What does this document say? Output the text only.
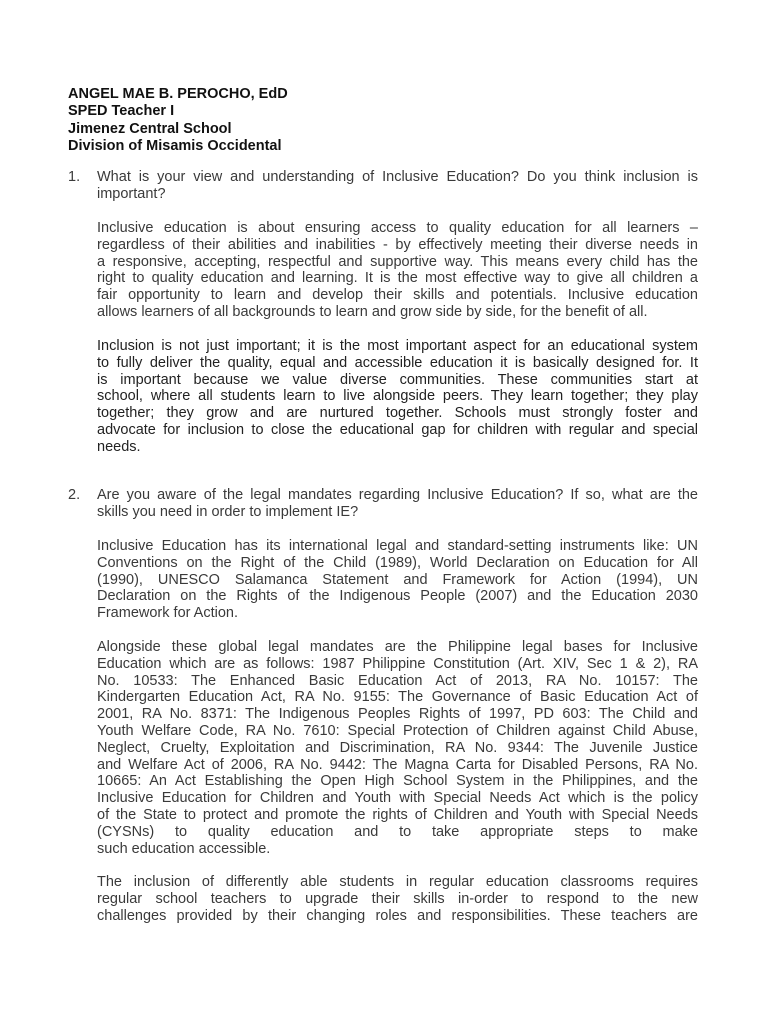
ANGEL MAE B. PEROCHO, EdD
SPED Teacher I
Jimenez Central School
Division of Misamis Occidental
1. What is your view and understanding of Inclusive Education? Do you think inclusion is
important?
Inclusive education is about ensuring access to quality education for all learners –
regardless of their abilities and inabilities - by effectively meeting their diverse needs in
a responsive, accepting, respectful and supportive way. This means every child has the
right to quality education and learning. It is the most effective way to give all children a
fair opportunity to learn and develop their skills and potentials. Inclusive education
allows learners of all backgrounds to learn and grow side by side, for the benefit of all.
Inclusion is not just important; it is the most important aspect for an educational system
to fully deliver the quality, equal and accessible education it is basically designed for. It
is important because we value diverse communities. These communities start at
school, where all students learn to live alongside peers. They learn together; they play
together; they grow and are nurtured together. Schools must strongly foster and
advocate for inclusion to close the educational gap for children with regular and special
needs.
2. Are you aware of the legal mandates regarding Inclusive Education? If so, what are the
skills you need in order to implement IE?
Inclusive Education has its international legal and standard-setting instruments like: UN
Conventions on the Right of the Child (1989), World Declaration on Education for All
(1990), UNESCO Salamanca Statement and Framework for Action (1994), UN
Declaration on the Rights of the Indigenous People (2007) and the Education 2030
Framework for Action.
Alongside these global legal mandates are the Philippine legal bases for Inclusive
Education which are as follows: 1987 Philippine Constitution (Art. XIV, Sec 1 & 2), RA
No. 10533: The Enhanced Basic Education Act of 2013, RA No. 10157: The
Kindergarten Education Act, RA No. 9155: The Governance of Basic Education Act of
2001, RA No. 8371: The Indigenous Peoples Rights of 1997, PD 603: The Child and
Youth Welfare Code, RA No. 7610: Special Protection of Children against Child Abuse,
Neglect, Cruelty, Exploitation and Discrimination, RA No. 9344: The Juvenile Justice
and Welfare Act of 2006, RA No. 9442: The Magna Carta for Disabled Persons, RA No.
10665: An Act Establishing the Open High School System in the Philippines, and the
Inclusive Education for Children and Youth with Special Needs Act which is the policy
of the State to protect and promote the rights of Children and Youth with Special Needs
(CYSNs) to quality education and to take appropriate steps to make
such education accessible.
The inclusion of differently able students in regular education classrooms requires
regular school teachers to upgrade their skills in-order to respond to the new
challenges provided by their changing roles and responsibilities. These teachers are
